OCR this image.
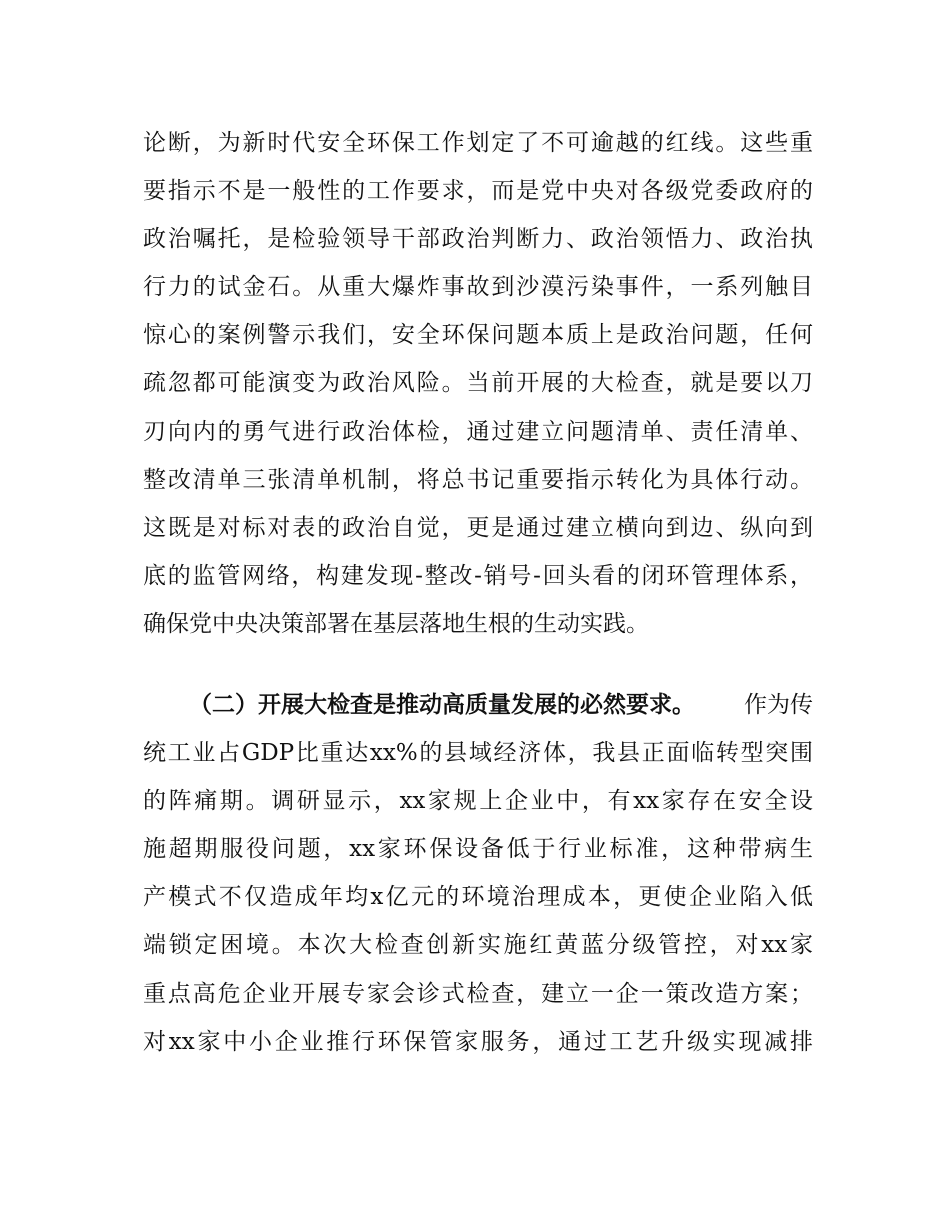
论断，为新时代安全环保工作划定了不可逾越的红线。这些重
要指示不是一般性的工作要求，而是党中央对各级党委政府的
政治嘱托，是检验领导干部政治判断力、政治领悟力、政治执
行力的试金石。从重大爆炸事故到沙漠污染事件，一系列触目
惊心的案例警示我们，安全环保问题本质上是政治问题，任何
疏忽都可能演变为政治风险。当前开展的大检查，就是要以刀
刃向内的勇气进行政治体检，通过建立问题清单、责任清单、
整改清单三张清单机制，将总书记重要指示转化为具体行动。
这既是对标对表的政治自觉，更是通过建立横向到边、纵向到
底的监管网络，构建发现-整改-销号-回头看的闭环管理体系，
确保党中央决策部署在基层落地生根的生动实践。
（二）开展大检查是推动高质量发展的必然要求。 作为传
统工业占GDP比重达xx%的县域经济体，我县正面临转型突围
的阵痛期。调研显示，xx家规上企业中，有xx家存在安全设
施超期服役问题，xx家环保设备低于行业标准，这种带病生
产模式不仅造成年均x亿元的环境治理成本，更使企业陷入低
端锁定困境。本次大检查创新实施红黄蓝分级管控，对xx家
重点高危企业开展专家会诊式检查，建立一企一策改造方案；
对xx家中小企业推行环保管家服务，通过工艺升级实现减排
